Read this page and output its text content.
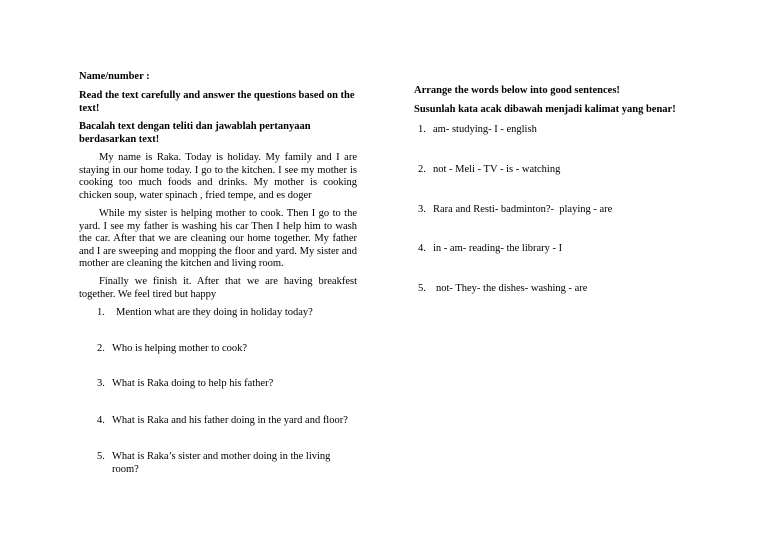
Name/number :

Read the text carefully and answer the questions based on the text!

Bacalah text dengan teliti dan jawablah pertanyaan berdasarkan text!

My name is Raka. Today is holiday. My family and I are staying in our home today. I go to the kitchen. I see my mother is cooking too much foods and drinks. My mother is cooking chicken soup, water spinach , fried tempe, and es doger

While my sister is helping mother to cook. Then I go to the yard. I see my father is washing his car Then I help him to wash the car. After that we are cleaning our home together. My father and I are sweeping and mopping the floor and yard. My sister and mother are cleaning the kitchen and living room.

Finally we finish it. After that we are having breakfest together. We feel tired but happy

1. Mention what are they doing in holiday today?
2. Who is helping mother to cook?
3. What is Raka doing to help his father?
4. What is Raka and his father doing in the yard and floor?
5. What is Raka’s sister and mother doing in the living room?

Arrange the words below into good sentences!

Susunlah kata acak dibawah menjadi kalimat yang benar!

1. am- studying- I - english
2. not - Meli - TV - is - watching
3. Rara and Resti- badminton?-  playing - are
4. in - am- reading- the library - I
5. not- They- the dishes- washing - are
